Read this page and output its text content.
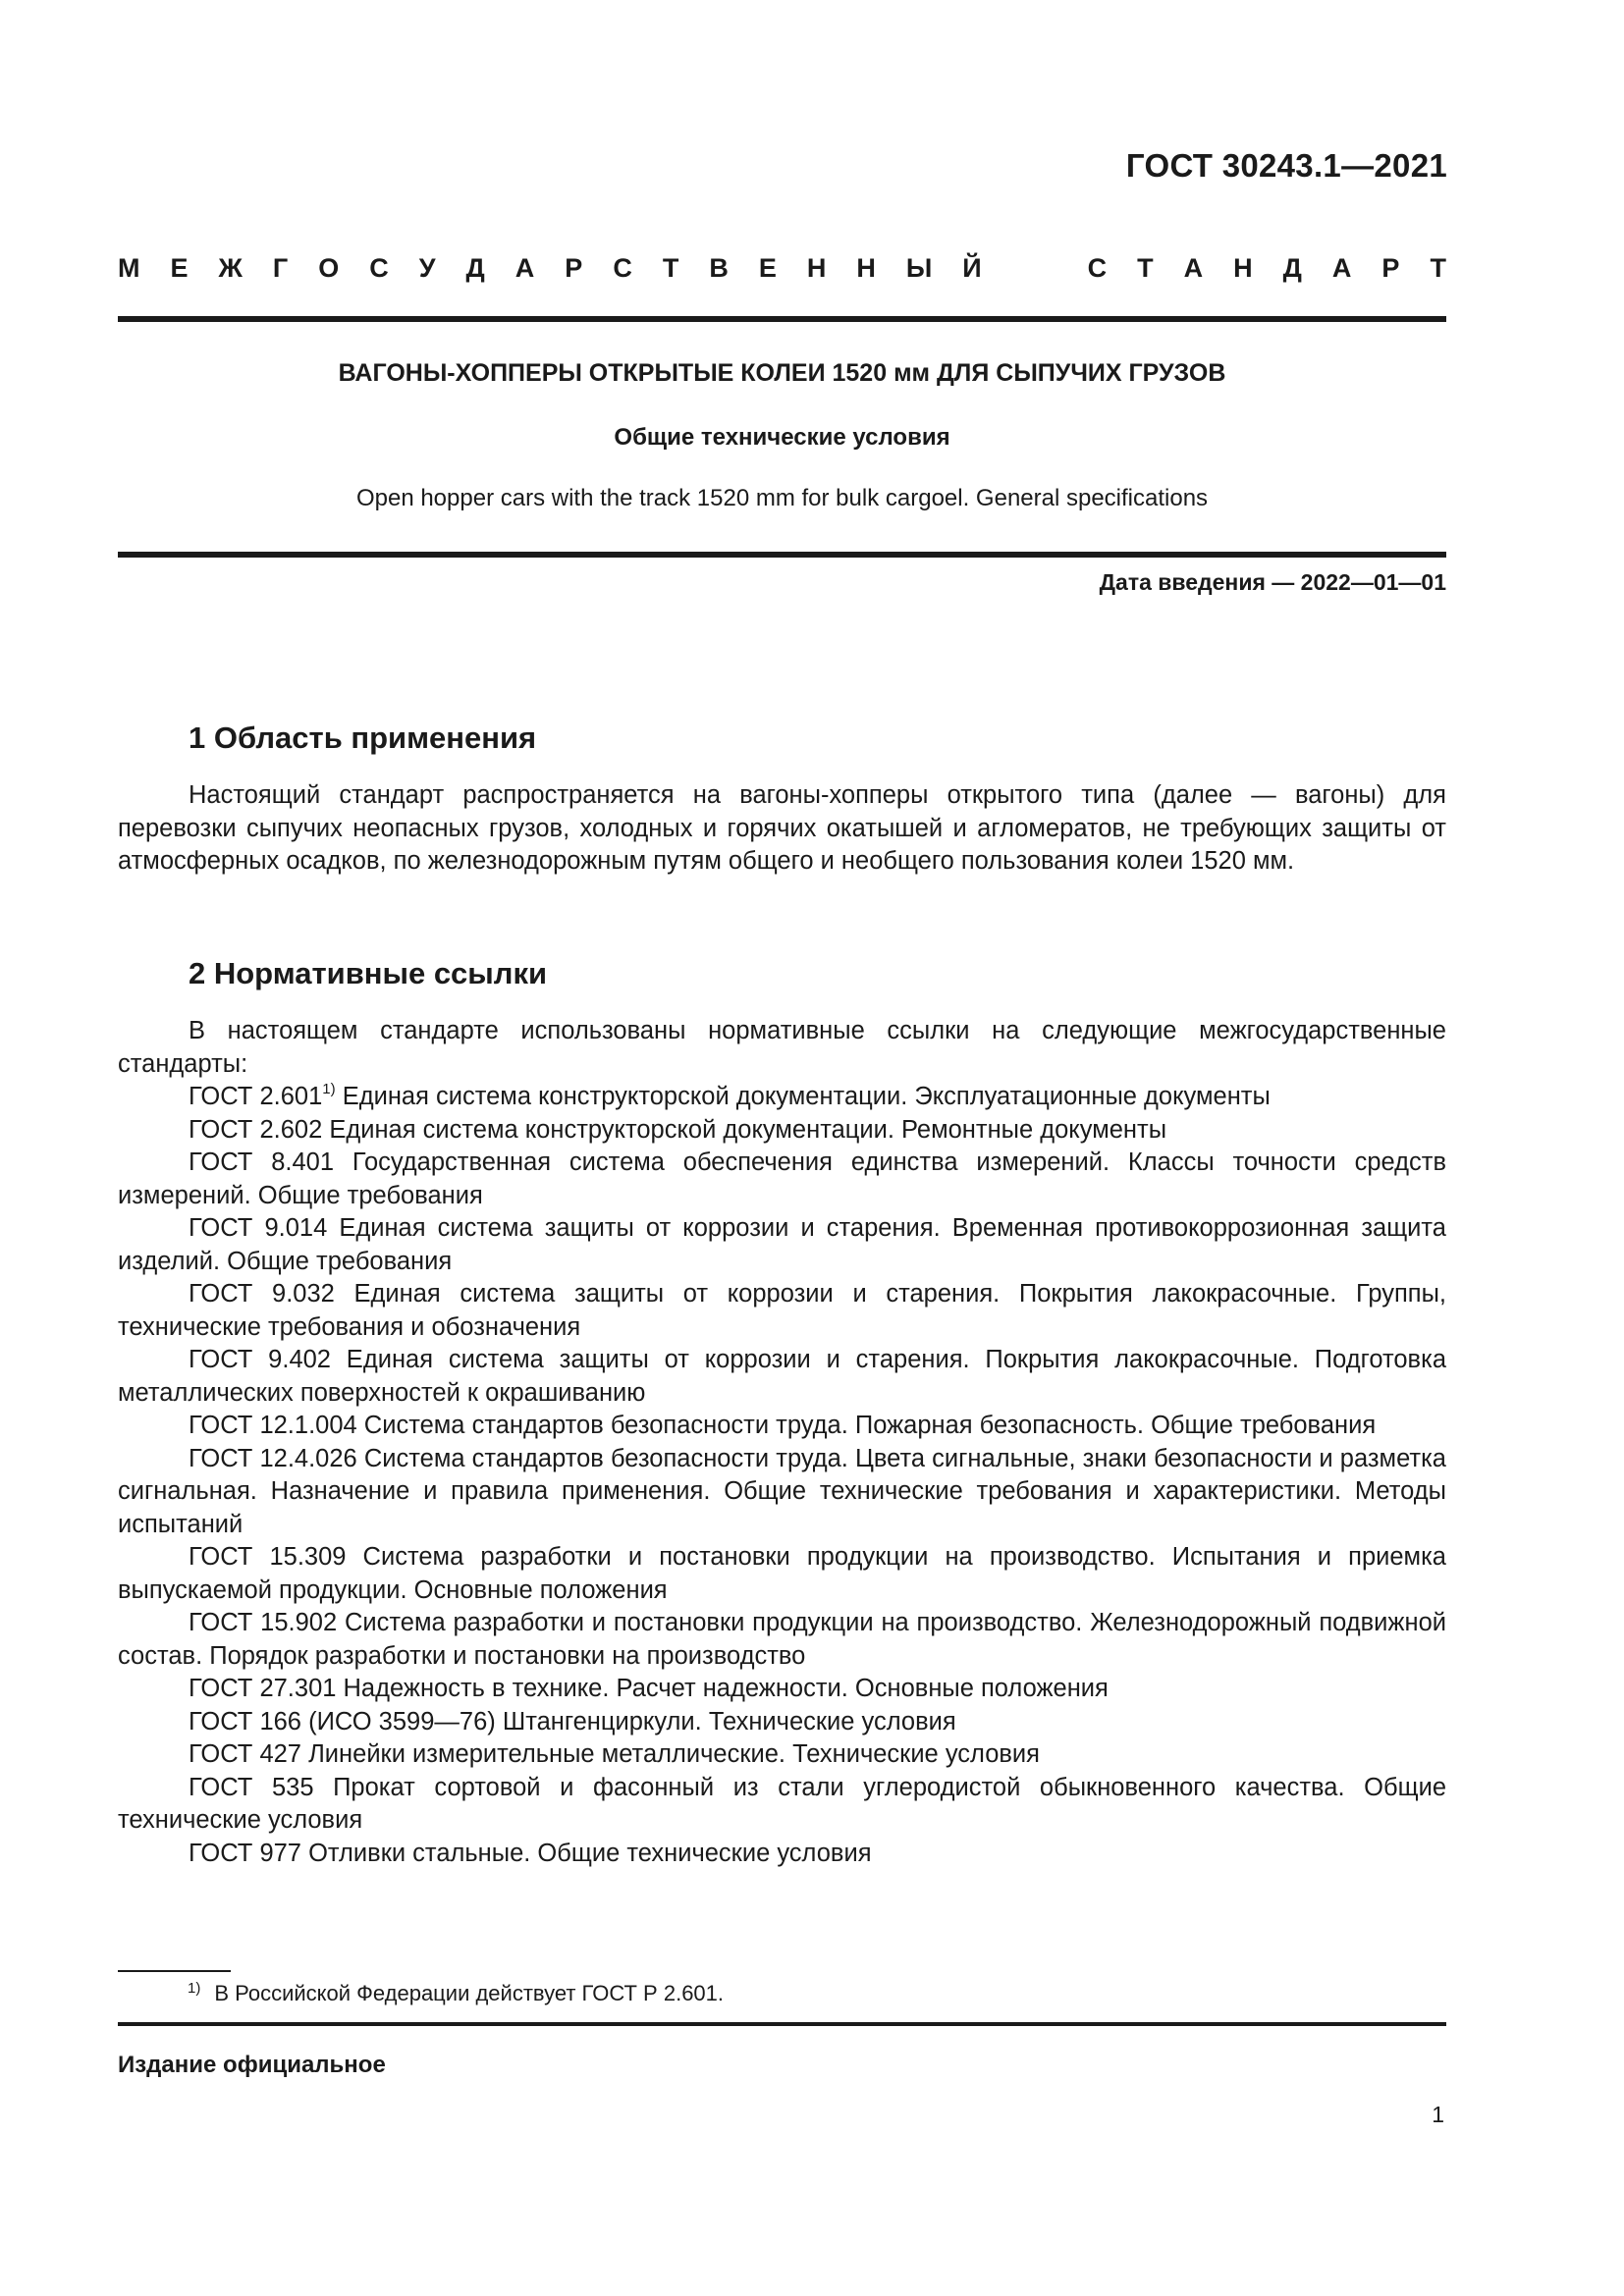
ГОСТ 30243.1—2021
М Е Ж Г О С У Д А Р С Т В Е Н Н Ы Й	С Т А Н Д А Р Т
ВАГОНЫ-ХОППЕРЫ ОТКРЫТЫЕ КОЛЕИ 1520 мм ДЛЯ СЫПУЧИХ ГРУЗОВ
Общие технические условия
Open hopper cars with the track 1520 mm for bulk cargoel. General specifications
Дата введения — 2022—01—01
1 Область применения

Настоящий стандарт распространяется на вагоны-хопперы открытого типа (далее — вагоны) для перевозки сыпучих неопасных грузов, холодных и горячих окатышей и агломератов, не требующих защиты от атмосферных осадков, по железнодорожным путям общего и необщего пользования колеи 1520 мм.

2 Нормативные ссылки

В настоящем стандарте использованы нормативные ссылки на следующие межгосударственные стандарты:

ГОСТ 2.601$^{1)}$ Единая система конструкторской документации. Эксплуатационные документы

ГОСТ 2.602 Единая система конструкторской документации. Ремонтные документы

ГОСТ 8.401 Государственная система обеспечения единства измерений. Классы точности средств измерений. Общие требования

ГОСТ 9.014 Единая система защиты от коррозии и старения. Временная противокоррозионная защита изделий. Общие требования

ГОСТ 9.032 Единая система защиты от коррозии и старения. Покрытия лакокрасочные. Группы, технические требования и обозначения

ГОСТ 9.402 Единая система защиты от коррозии и старения. Покрытия лакокрасочные. Подготовка металлических поверхностей к окрашиванию

ГОСТ 12.1.004 Система стандартов безопасности труда. Пожарная безопасность. Общие требования

ГОСТ 12.4.026 Система стандартов безопасности труда. Цвета сигнальные, знаки безопасности и разметка сигнальная. Назначение и правила применения. Общие технические требования и характеристики. Методы испытаний

ГОСТ 15.309 Система разработки и постановки продукции на производство. Испытания и приемка выпускаемой продукции. Основные положения

ГОСТ 15.902 Система разработки и постановки продукции на производство. Железнодорожный подвижной состав. Порядок разработки и постановки на производство

ГОСТ 27.301 Надежность в технике. Расчет надежности. Основные положения

ГОСТ 166 (ИСО 3599—76) Штангенциркули. Технические условия

ГОСТ 427 Линейки измерительные металлические. Технические условия

ГОСТ 535 Прокат сортовой и фасонный из стали углеродистой обыкновенного качества. Общие технические условия

ГОСТ 977 Отливки стальные. Общие технические условия

$^{1)}$ В Российской Федерации действует ГОСТ Р 2.601.
Издание официальное
1
